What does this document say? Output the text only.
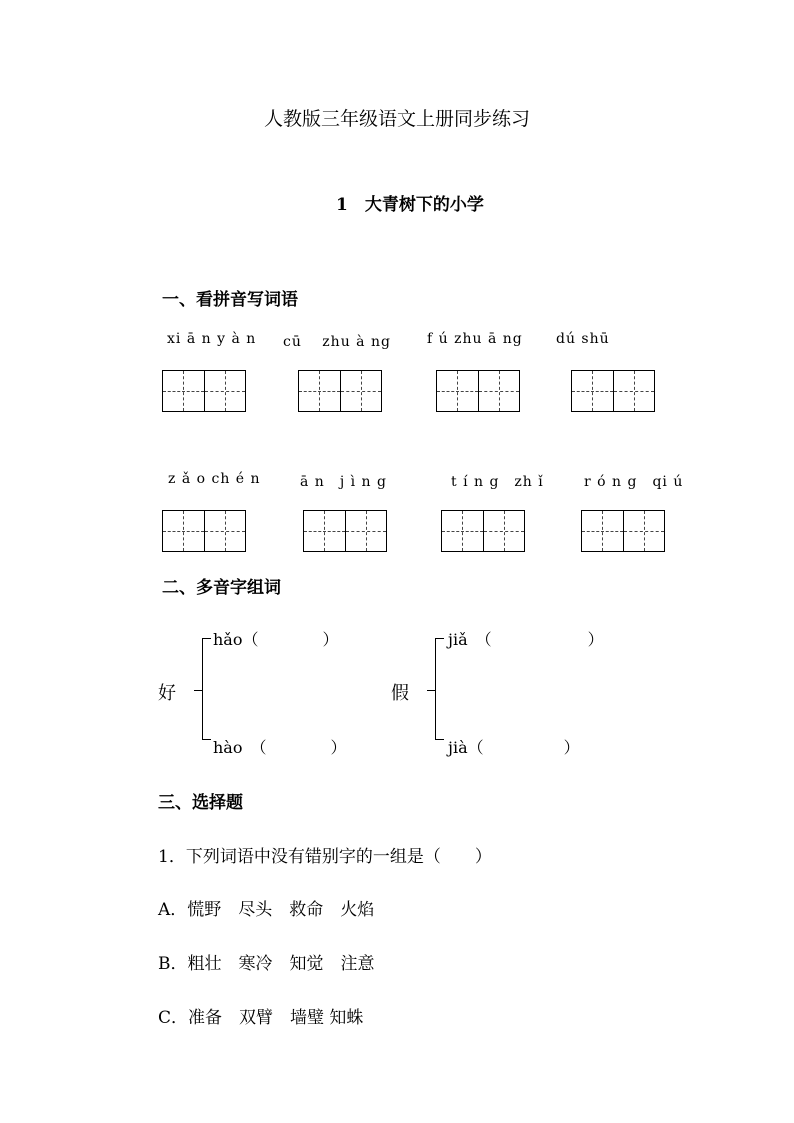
人教版三年级语文上册同步练习
1　大青树下的小学
一、看拼音写词语
xi ā n y à n cū　 zhu à ng	f ú zhu ā ng dú shū
z ǎ o ch é n	ā n　j ì n g	t í n g　zh ǐ	r ó n g　qi ú
二、多音字组词
好
hǎo（　　　　）
hào　（　　　　）
假
jiǎ　（　　　　　　）
jià（　　　　　）
三、选择题
1．下列词语中没有错别字的一组是（　　）
A．慌野　尽头　救命　火焰
B．粗壮　寒冷　知觉　注意
C．准备　双臂　墙璧 知蛛
